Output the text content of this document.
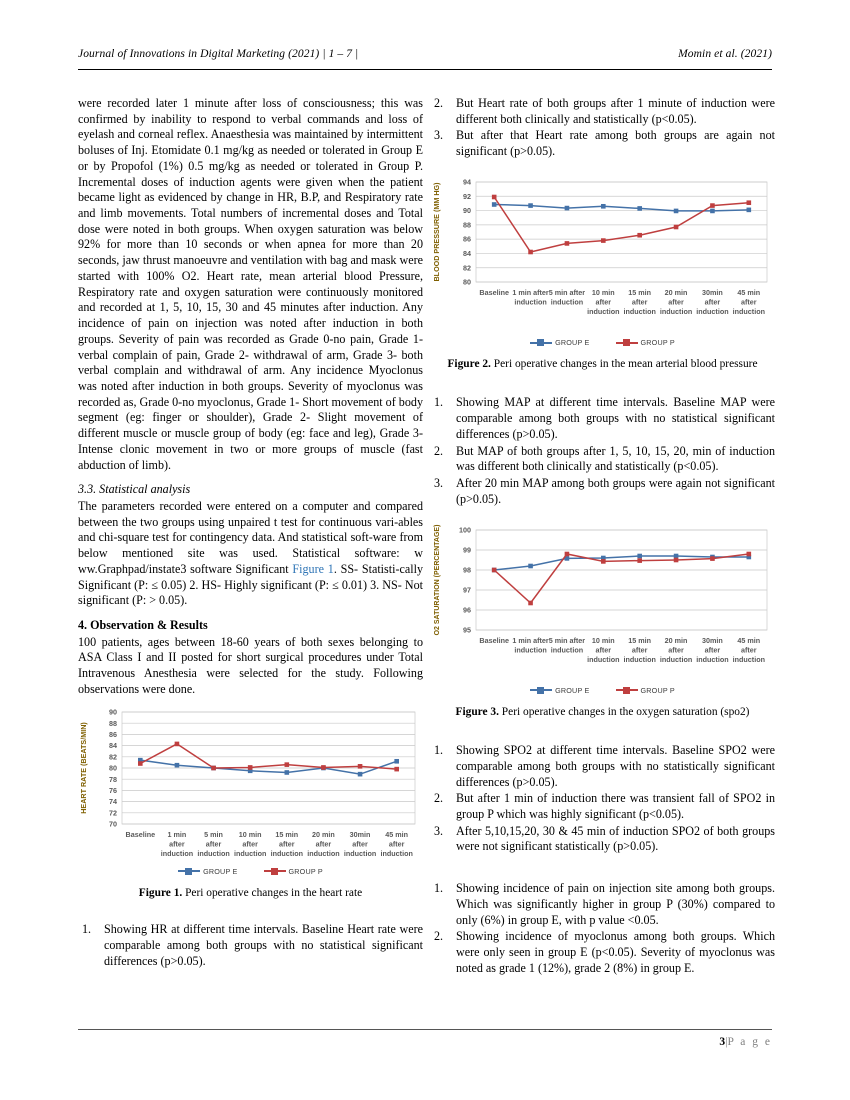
Journal of Innovations in Digital Marketing (2021) | 1 – 7 |	Momin et al. (2021)

were recorded later 1 minute after loss of consciousness; this was confirmed by inability to respond to verbal commands and loss of eyelash and corneal reflex. Anaesthesia was maintained by intermittent boluses of Inj. Etomidate 0.1 mg/kg as needed or tolerated in Group E or by Propofol (1%) 0.5 mg/kg as needed or tolerated in Group P. Incremental doses of induction agents were given when the patient became light as evidenced by change in HR, B.P, and Respiratory rate and limb movements. Total numbers of incremental doses and Total dose were noted in both groups. When oxygen saturation was below 92% for more than 10 seconds or when apnea for more than 20 seconds, jaw thrust manoeuvre and ventilation with bag and mask were started with 100% O2. Heart rate, mean arterial blood Pressure, Respiratory rate and oxygen saturation were continuously monitored and recorded at 1, 5, 10, 15, 30 and 45 minutes after induction. Any incidence of pain on injection was noted after induction in both groups. Severity of pain was recorded as Grade 0-no pain, Grade 1-verbal complain of pain, Grade 2- withdrawal of arm, Grade 3- both verbal complain and withdrawal of arm. Any incidence Myoclonus was noted after induction in both groups. Severity of myoclonus was recorded as, Grade 0-no myoclonus, Grade 1- Short movement of body segment (eg: finger or shoulder), Grade 2- Slight movement of different muscle or muscle group of body (eg: face and leg), Grade 3- Intense clonic movement in two or more groups of muscle (fast abduction of limb).

3.3. Statistical analysis

The parameters recorded were entered on a computer and compared between the two groups using unpaired t test for continuous vari-ables and chi-square test for contingency data. And statistical soft-ware from below mentioned site was used. Statistical software: w ww.Graphpad/instate3 software Significant Figure 1. SS- Statisti-cally Significant (P: ≤ 0.05) 2. HS- Highly significant (P: ≤ 0.01) 3. NS- Not significant (P: > 0.05).

4. Observation & Results

100 patients, ages between 18-60 years of both sexes belonging to ASA Class I and II posted for short surgical procedures under Total Intravenous Anesthesia were selected for the study. Following observations were done.

70
72
74
76
78
80
82
84
86
88
90
HEART RATE (BEATS/MIN)
Baseline 1 min
after
induction
5 min
after
induction
10 min
after
induction
15 min
after
induction
20 min
after
induction
30min
after
induction
45 min
after
induction
GROUP E	GROUP P
Figure 1. Peri operative changes in the heart rate
1. Showing HR at different time intervals. Baseline Heart rate were comparable among both groups with no statistical significant differences (p>0.05).
2. But Heart rate of both groups after 1 minute of induction were different both clinically and statistically (p<0.05).
3. But after that Heart rate among both groups are again not significant (p>0.05).
80
82
84
86
88
90
92
94
BLOOD PRESSURE (MM HG)
Baseline 1 min after
induction
5 min after
induction
10 min
after
induction
15 min
after
induction
20 min
after
induction
30min
after
induction
45 min
after
induction
GROUP E	GROUP P
Figure 2. Peri operative changes in the mean arterial blood pressure
1. Showing MAP at different time intervals. Baseline MAP were comparable among both groups with no statistical significant differences (p>0.05).
2. But MAP of both groups after 1, 5, 10, 15, 20, min of induction was different both clinically and statistically (p<0.05).
3. After 20 min MAP among both groups were again not significant (p>0.05).
95
96
97
98
99
100
O2 SATURATION (PERCENTAGE)
Baseline 1 min after
induction
5 min after
induction
10 min
after
induction
15 min
after
induction
20 min
after
induction
30min
after
induction
45 min
after
induction
GROUP E	GROUP P
Figure 3. Peri operative changes in the oxygen saturation (spo2)
1. Showing SPO2 at different time intervals. Baseline SPO2 were comparable among both groups with no statistically significant differences (p>0.05).
2. But after 1 min of induction there was transient fall of SPO2 in group P which was highly significant (p<0.05).
3. After 5,10,15,20, 30 & 45 min of induction SPO2 of both groups were not significant statistically (p>0.05).
1. Showing incidence of pain on injection site among both groups. Which was significantly higher in group P (30%) compared to only (6%) in group E, with p value <0.05.
2. Showing incidence of myoclonus among both groups. Which were only seen in group E (p<0.05). Severity of myoclonus was noted as grade 1 (12%), grade 2 (8%) in group E.
3|P a g e
